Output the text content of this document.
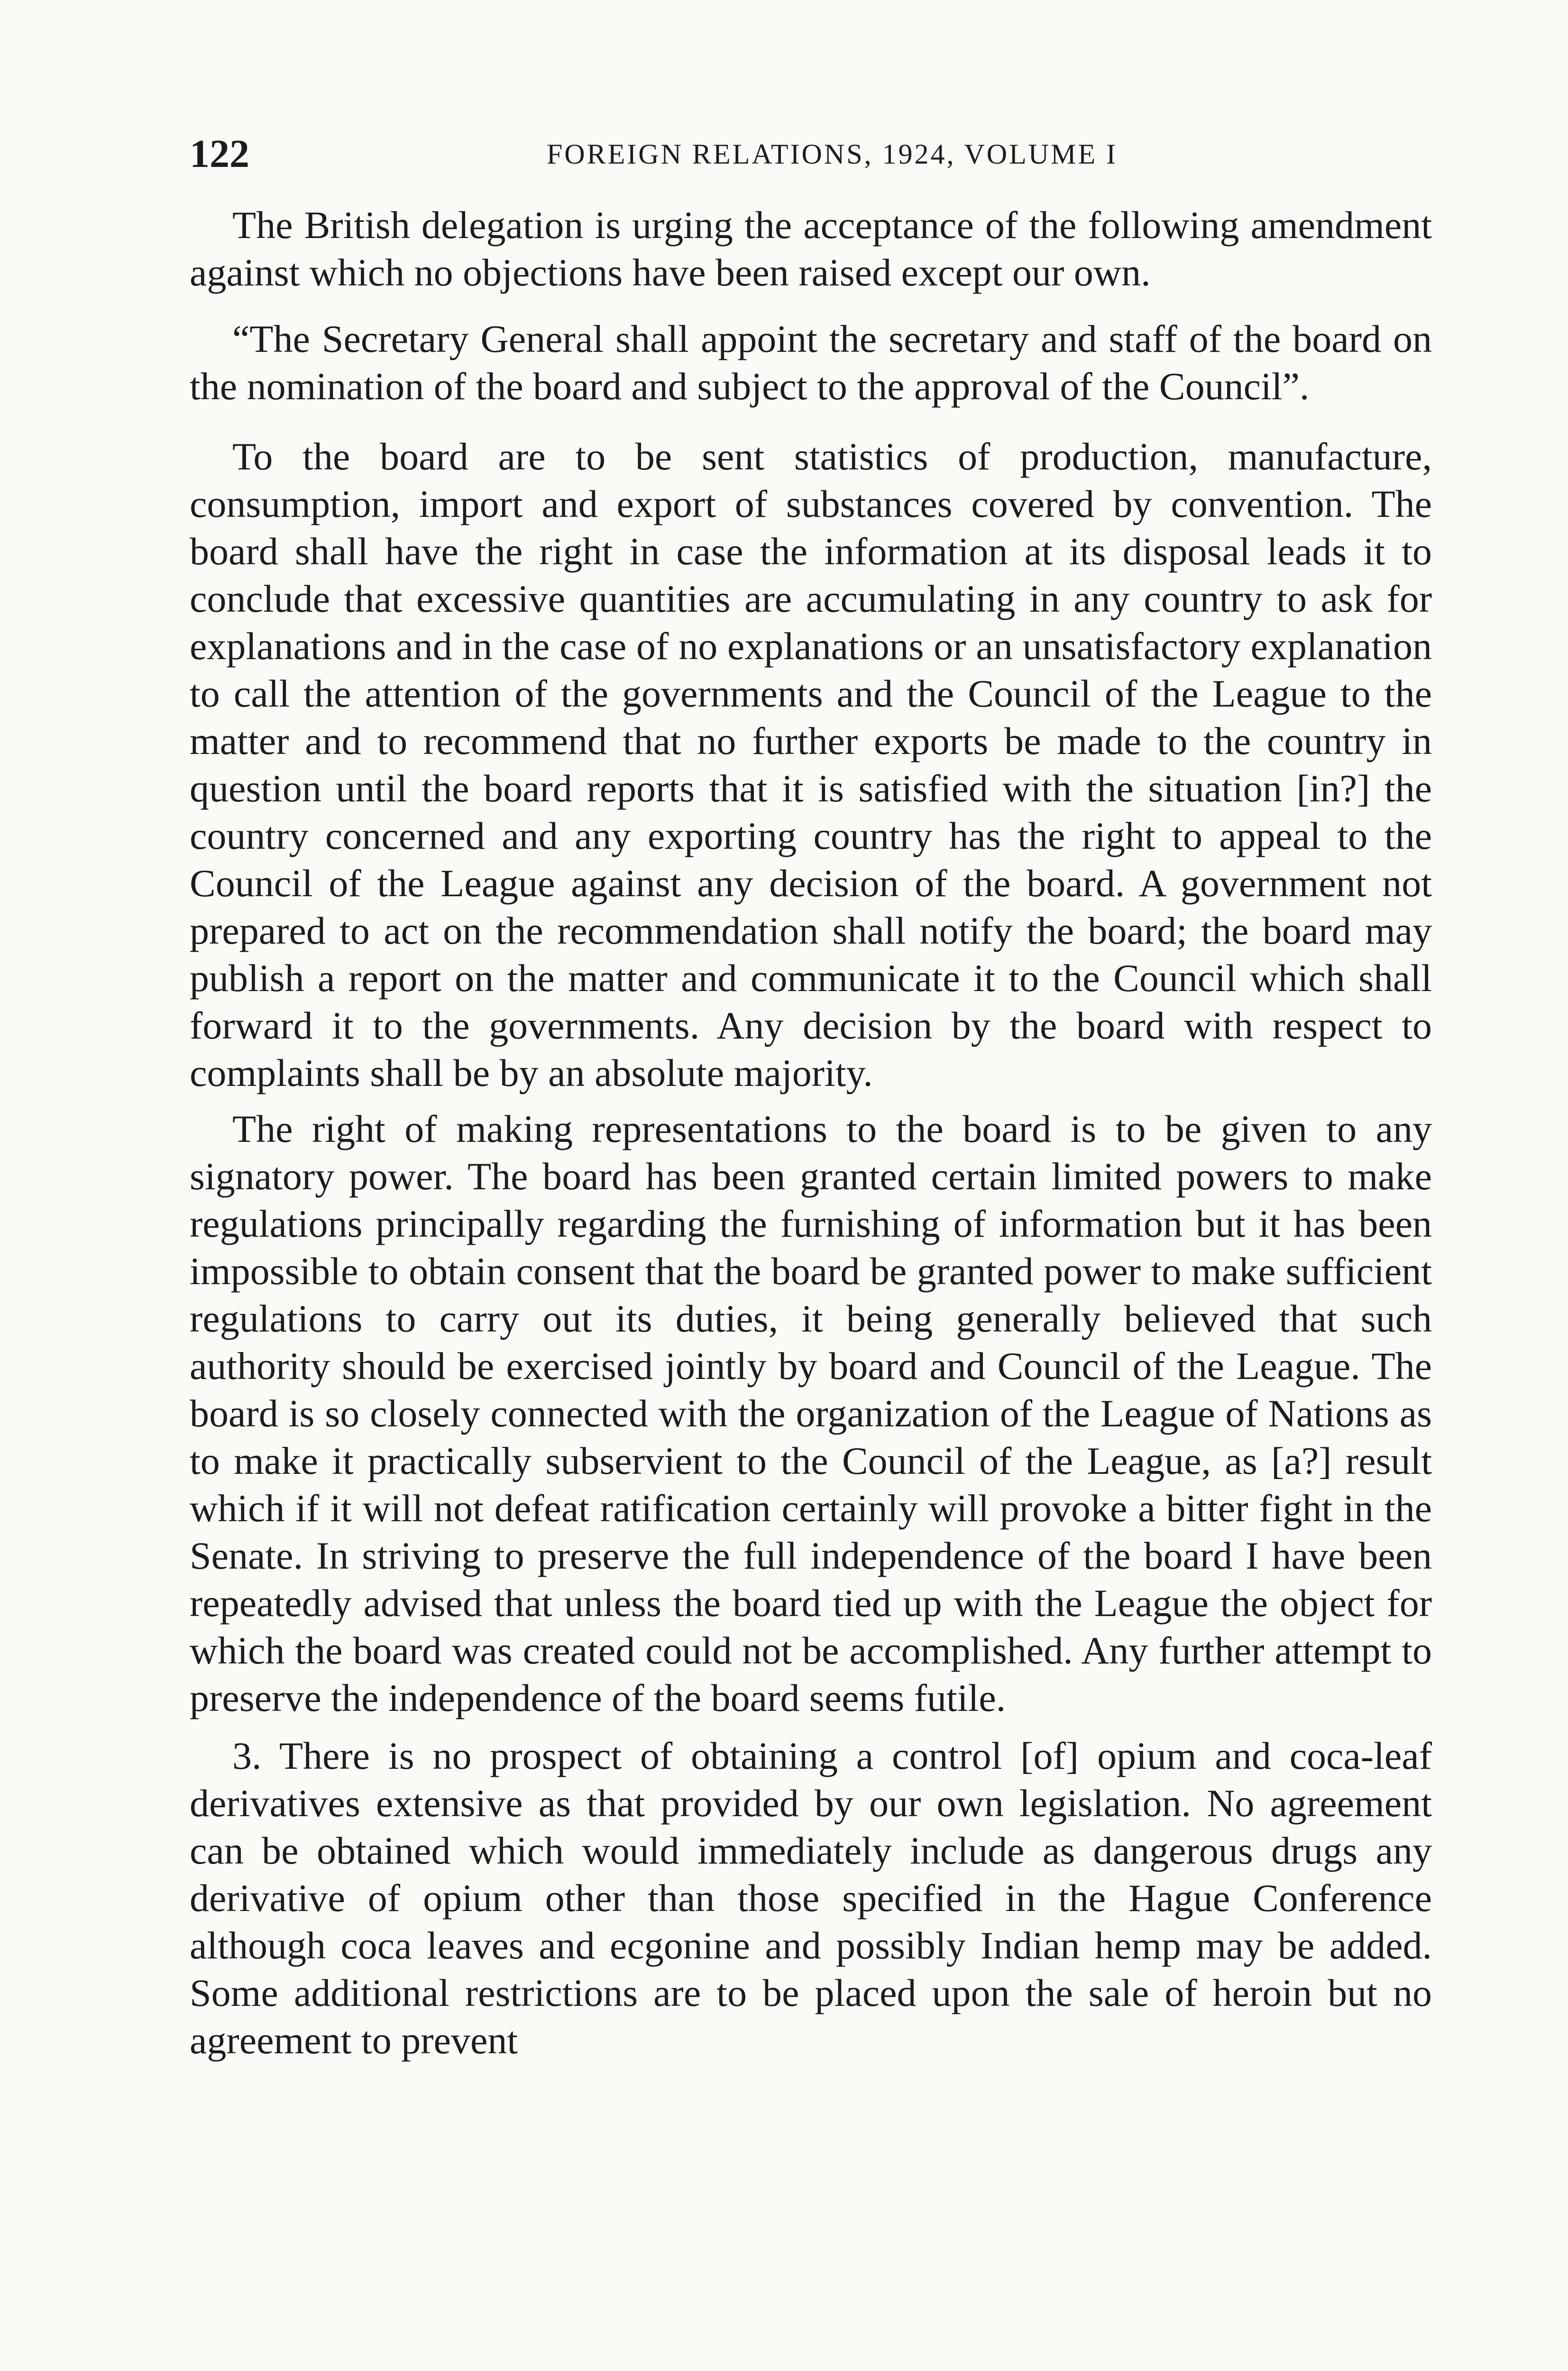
122	FOREIGN RELATIONS, 1924, VOLUME I

The British delegation is urging the acceptance of the following amendment against which no objections have been raised except our own.

“The Secretary General shall appoint the secretary and staff of the board on the nomination of the board and subject to the approval of the Council”.

To the board are to be sent statistics of production, manufacture, consumption, import and export of substances covered by convention. The board shall have the right in case the information at its disposal leads it to conclude that excessive quantities are accumulating in any country to ask for explanations and in the case of no explanations or an unsatisfactory explanation to call the attention of the governments and the Council of the League to the matter and to recommend that no further exports be made to the country in question until the board reports that it is satisfied with the situation [in?] the country concerned and any exporting country has the right to appeal to the Council of the League against any decision of the board. A government not prepared to act on the recommendation shall notify the board; the board may publish a report on the matter and communicate it to the Council which shall forward it to the governments. Any decision by the board with respect to complaints shall be by an absolute majority.

The right of making representations to the board is to be given to any signatory power. The board has been granted certain limited powers to make regulations principally regarding the furnishing of information but it has been impossible to obtain consent that the board be granted power to make sufficient regulations to carry out its duties, it being generally believed that such authority should be exercised jointly by board and Council of the League. The board is so closely connected with the organization of the League of Nations as to make it practically subservient to the Council of the League, as [a?] result which if it will not defeat ratification certainly will provoke a bitter fight in the Senate. In striving to preserve the full independence of the board I have been repeatedly advised that unless the board tied up with the League the object for which the board was created could not be accomplished. Any further attempt to preserve the independence of the board seems futile.

3. There is no prospect of obtaining a control [of] opium and coca-leaf derivatives extensive as that provided by our own legislation. No agreement can be obtained which would immediately include as dangerous drugs any derivative of opium other than those specified in the Hague Conference although coca leaves and ecgonine and possibly Indian hemp may be added. Some additional restrictions are to be placed upon the sale of heroin but no agreement to prevent
